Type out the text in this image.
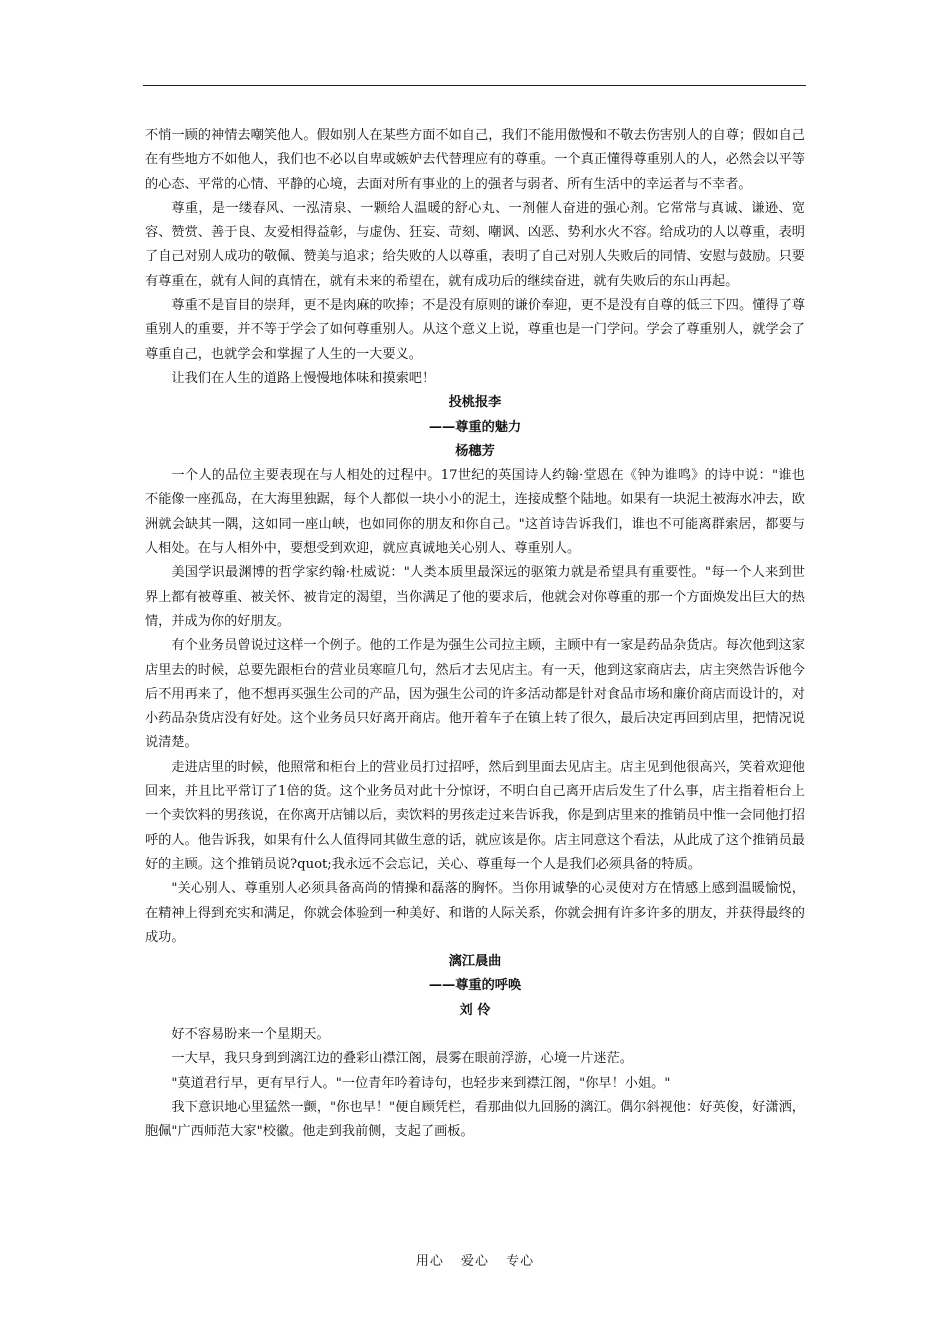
不悄一顾的神情去嘲笑他人。假如别人在某些方面不如自己，我们不能用傲慢和不敬去伤害别人的自尊；假如自己在有些地方不如他人，我们也不必以自卑或嫉妒去代替理应有的尊重。一个真正懂得尊重别人的人，必然会以平等的心态、平常的心情、平静的心境，去面对所有事业的上的强者与弱者、所有生活中的幸运者与不幸者。

尊重，是一缕春风、一泓清泉、一颗给人温暖的舒心丸、一剂催人奋进的强心剂。它常常与真诚、谦逊、宽容、赞赏、善于良、友爱相得益彰，与虚伪、狂妄、苛刻、嘲讽、凶恶、势利水火不容。给成功的人以尊重，表明了自己对别人成功的敬佩、赞美与追求；给失败的人以尊重，表明了自己对别人失败后的同情、安慰与鼓励。只要有尊重在，就有人间的真情在，就有未来的希望在，就有成功后的继续奋进，就有失败后的东山再起。

尊重不是盲目的崇拜，更不是肉麻的吹捧；不是没有原则的谦价奉迎，更不是没有自尊的低三下四。懂得了尊重别人的重要，并不等于学会了如何尊重别人。从这个意义上说，尊重也是一门学问。学会了尊重别人，就学会了尊重自己，也就学会和掌握了人生的一大要义。

让我们在人生的道路上慢慢地体味和摸索吧！

投桃报李
——尊重的魅力
杨穗芳

一个人的品位主要表现在与人相处的过程中。17世纪的英国诗人约翰·堂恩在《钟为谁鸣》的诗中说："谁也不能像一座孤岛，在大海里独踞，每个人都似一块小小的泥土，连接成整个陆地。如果有一块泥土被海水冲去，欧洲就会缺其一隅，这如同一座山峡，也如同你的朋友和你自己。"这首诗告诉我们，谁也不可能离群索居，都要与人相处。在与人相外中，要想受到欢迎，就应真诚地关心别人、尊重别人。

美国学识最渊博的哲学家约翰·杜威说："人类本质里最深远的驱策力就是希望具有重要性。"每一个人来到世界上都有被尊重、被关怀、被肯定的渴望，当你满足了他的要求后，他就会对你尊重的那一个方面焕发出巨大的热情，并成为你的好朋友。

有个业务员曾说过这样一个例子。他的工作是为强生公司拉主顾，主顾中有一家是药品杂货店。每次他到这家店里去的时候，总要先跟柜台的营业员寒暄几句，然后才去见店主。有一天，他到这家商店去，店主突然告诉他今后不用再来了，他不想再买强生公司的产品，因为强生公司的许多活动都是针对食品市场和廉价商店而设计的，对小药品杂货店没有好处。这个业务员只好离开商店。他开着车子在镇上转了很久，最后决定再回到店里，把情况说说清楚。

走进店里的时候，他照常和柜台上的营业员打过招呼，然后到里面去见店主。店主见到他很高兴，笑着欢迎他回来，并且比平常订了1倍的货。这个业务员对此十分惊讶，不明白自己离开店后发生了什么事，店主指着柜台上一个卖饮料的男孩说，在你离开店铺以后，卖饮料的男孩走过来告诉我，你是到店里来的推销员中惟一会同他打招呼的人。他告诉我，如果有什么人值得同其做生意的话，就应该是你。店主同意这个看法，从此成了这个推销员最好的主顾。这个推销员说?quot;我永远不会忘记，关心、尊重每一个人是我们必须具备的特质。

"关心别人、尊重别人必须具备高尚的情操和磊落的胸怀。当你用诚挚的心灵使对方在情感上感到温暖愉悦，在精神上得到充实和满足，你就会体验到一种美好、和谐的人际关系，你就会拥有许多许多的朋友，并获得最终的成功。

漓江晨曲
——尊重的呼唤
刘 伶

好不容易盼来一个星期天。

一大早，我只身到到漓江边的叠彩山襟江阁，晨雾在眼前浮游，心境一片迷茫。

"莫道君行早，更有早行人。"一位青年吟着诗句，也轻步来到襟江阁，"你早！小姐。"

我下意识地心里猛然一颤，"你也早！"便自顾凭栏，看那曲似九回肠的漓江。偶尔斜视他：好英俊，好潇洒，胞佩"广西师范大家"校徽。他走到我前侧，支起了画板。

用心 爱心 专心
